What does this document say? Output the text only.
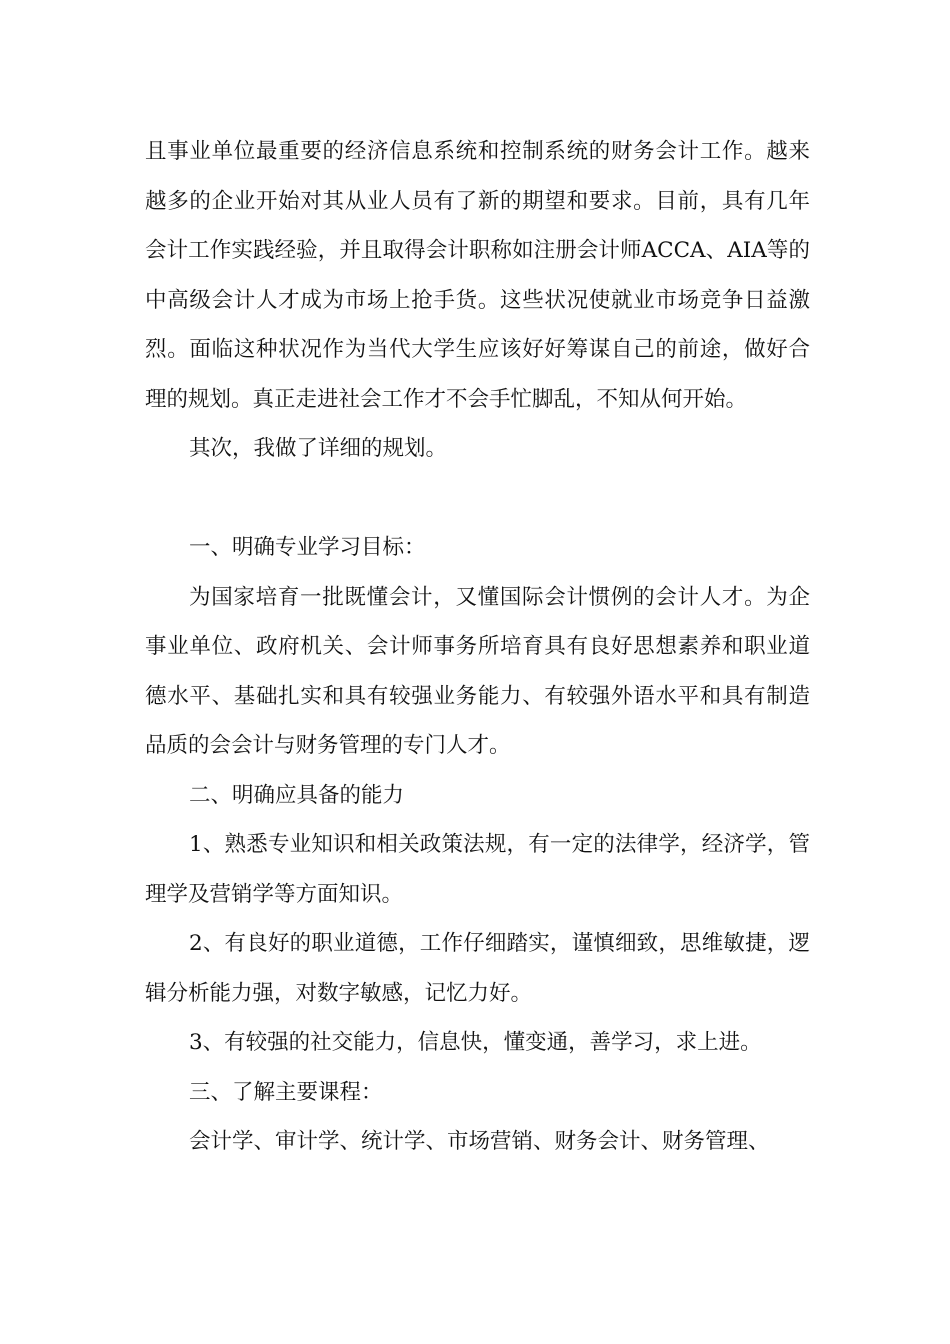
且事业单位最重要的经济信息系统和控制系统的财务会计工作。越来越多的企业开始对其从业人员有了新的期望和要求。目前，具有几年会计工作实践经验，并且取得会计职称如注册会计师ACCA、AIA等的中高级会计人才成为市场上抢手货。这些状况使就业市场竞争日益激烈。面临这种状况作为当代大学生应该好好筹谋自己的前途，做好合理的规划。真正走进社会工作才不会手忙脚乱，不知从何开始。

其次，我做了详细的规划。

一、明确专业学习目标：

为国家培育一批既懂会计，又懂国际会计惯例的会计人才。为企事业单位、政府机关、会计师事务所培育具有良好思想素养和职业道德水平、基础扎实和具有较强业务能力、有较强外语水平和具有制造品质的会会计与财务管理的专门人才。

二、明确应具备的能力

1、熟悉专业知识和相关政策法规，有一定的法律学，经济学，管理学及营销学等方面知识。

2、有良好的职业道德，工作仔细踏实，谨慎细致，思维敏捷，逻辑分析能力强，对数字敏感，记忆力好。

3、有较强的社交能力，信息快，懂变通，善学习，求上进。

三、了解主要课程：

会计学、审计学、统计学、市场营销、财务会计、财务管理、
